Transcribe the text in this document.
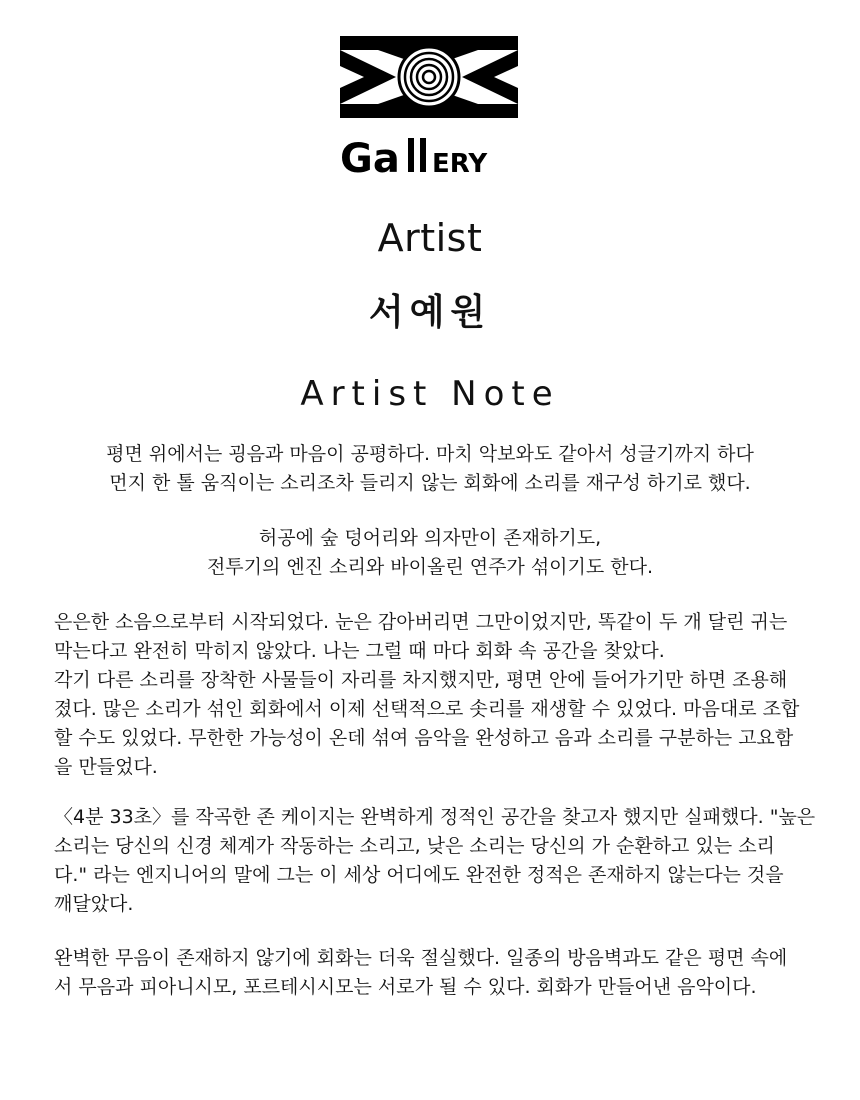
Ga ERY
Artist
서예원
Artist Note

평면 위에서는 굉음과 마음이 공평하다. 마치 악보와도 같아서 성글기까지 하다
먼지 한 톨 움직이는 소리조차 들리지 않는 회화에 소리를 재구성 하기로 했다.

허공에 숲 덩어리와 의자만이 존재하기도,
전투기의 엔진 소리와 바이올린 연주가 섞이기도 한다.

은은한 소음으로부터 시작되었다. 눈은 감아버리면 그만이었지만, 똑같이 두 개 달린 귀는
막는다고 완전히 막히지 않았다. 나는 그럴 때 마다 회화 속 공간을 찾았다.
각기 다른 소리를 장착한 사물들이 자리를 차지했지만, 평면 안에 들어가기만 하면 조용해
졌다. 많은 소리가 섞인 회화에서 이제 선택적으로 솟리를 재생할 수 있었다. 마음대로 조합
할 수도 있었다. 무한한 가능성이 온데 섞여 음악을 완성하고 음과 소리를 구분하는 고요함
을 만들었다.

〈4분 33초〉를 작곡한 존 케이지는 완벽하게 정적인 공간을 찾고자 했지만 실패했다. "높은
소리는 당신의 신경 체계가 작동하는 소리고, 낮은 소리는 당신의 가 순환하고 있는 소리
다." 라는 엔지니어의 말에 그는 이 세상 어디에도 완전한 정적은 존재하지 않는다는 것을
깨달았다.

완벽한 무음이 존재하지 않기에 회화는 더욱 절실했다. 일종의 방음벽과도 같은 평면 속에
서 무음과 피아니시모, 포르테시시모는 서로가 될 수 있다. 회화가 만들어낸 음악이다.
